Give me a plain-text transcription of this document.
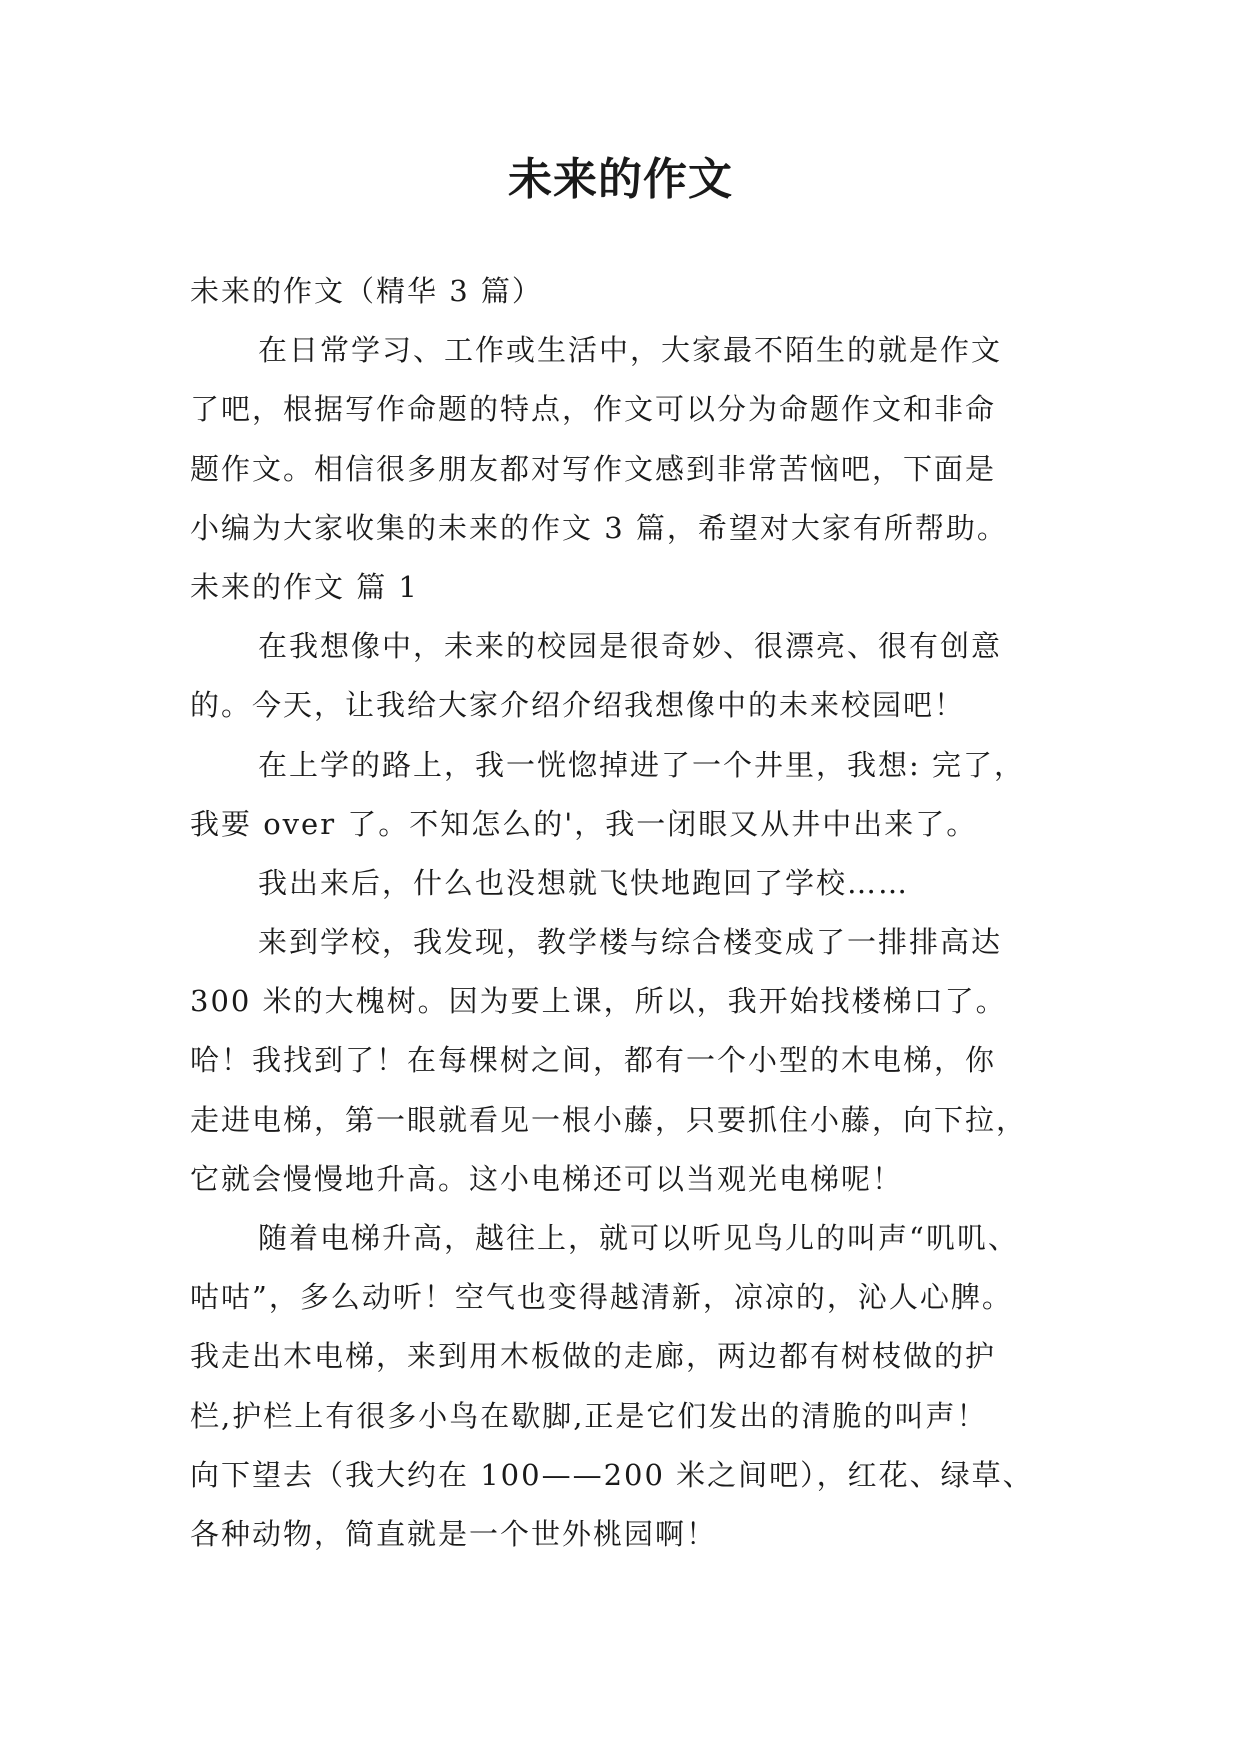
未来的作文

未来的作文（精华 3 篇）

在日常学习、工作或生活中，大家最不陌生的就是作文

了吧，根据写作命题的特点，作文可以分为命题作文和非命

题作文。相信很多朋友都对写作文感到非常苦恼吧，下面是

小编为大家收集的未来的作文 3 篇，希望对大家有所帮助。

未来的作文 篇 1

在我想像中，未来的校园是很奇妙、很漂亮、很有创意

的。今天，让我给大家介绍介绍我想像中的未来校园吧！

在上学的路上，我一恍惚掉进了一个井里，我想: 完了，

我要 over 了。不知怎么的'，我一闭眼又从井中出来了。

我出来后，什么也没想就飞快地跑回了学校……

来到学校，我发现，教学楼与综合楼变成了一排排高达

300 米的大槐树。因为要上课，所以，我开始找楼梯口了。

哈！我找到了！在每棵树之间，都有一个小型的木电梯，你

走进电梯，第一眼就看见一根小藤，只要抓住小藤，向下拉，

它就会慢慢地升高。这小电梯还可以当观光电梯呢！

随着电梯升高，越往上，就可以听见鸟儿的叫声“叽叽、

咕咕”，多么动听！空气也变得越清新，凉凉的，沁人心脾。

我走出木电梯，来到用木板做的走廊，两边都有树枝做的护

栏,护栏上有很多小鸟在歇脚,正是它们发出的清脆的叫声！

向下望去（我大约在 100——200 米之间吧），红花、绿草、

各种动物，简直就是一个世外桃园啊！
